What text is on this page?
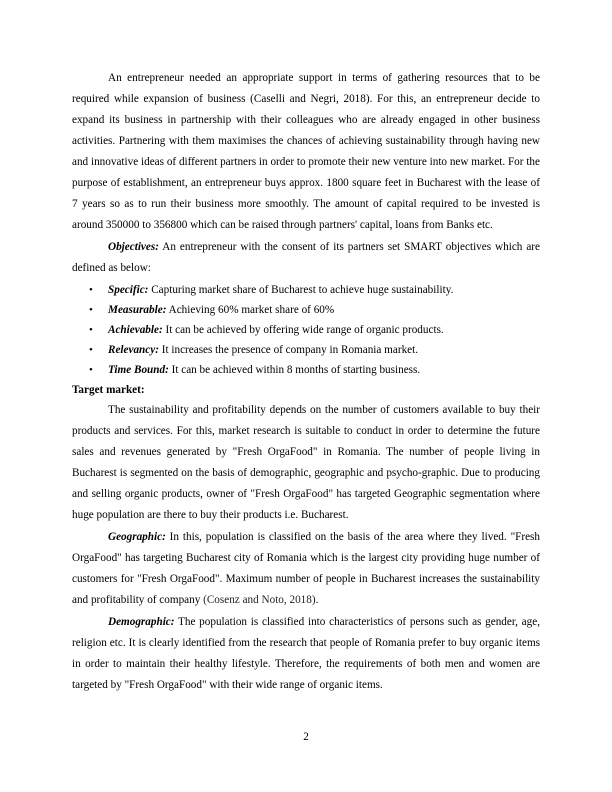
An entrepreneur needed an appropriate support in terms of gathering resources that to be required while expansion of business (Caselli and Negri, 2018). For this, an entrepreneur decide to expand its business in partnership with their colleagues who are already engaged in other business activities. Partnering with them maximises the chances of achieving sustainability through having new and innovative ideas of different partners in order to promote their new venture into new market. For the purpose of establishment, an entrepreneur buys approx. 1800 square feet in Bucharest with the lease of 7 years so as to run their business more smoothly. The amount of capital required to be invested is around 350000 to 356800 which can be raised through partners' capital, loans from Banks etc.

Objectives: An entrepreneur with the consent of its partners set SMART objectives which are defined as below:

• Specific: Capturing market share of Bucharest to achieve huge sustainability.
• Measurable: Achieving 60% market share of 60%
• Achievable: It can be achieved by offering wide range of organic products.
• Relevancy: It increases the presence of company in Romania market.
• Time Bound: It can be achieved within 8 months of starting business.
Target market:

The sustainability and profitability depends on the number of customers available to buy their products and services. For this, market research is suitable to conduct in order to determine the future sales and revenues generated by "Fresh OrgaFood" in Romania. The number of people living in Bucharest is segmented on the basis of demographic, geographic and psycho-graphic. Due to producing and selling organic products, owner of "Fresh OrgaFood" has targeted Geographic segmentation where huge population are there to buy their products i.e. Bucharest.

Geographic: In this, population is classified on the basis of the area where they lived. "Fresh OrgaFood" has targeting Bucharest city of Romania which is the largest city providing huge number of customers for "Fresh OrgaFood". Maximum number of people in Bucharest increases the sustainability and profitability of company (Cosenz and Noto, 2018).

Demographic: The population is classified into characteristics of persons such as gender, age, religion etc. It is clearly identified from the research that people of Romania prefer to buy organic items in order to maintain their healthy lifestyle. Therefore, the requirements of both men and women are targeted by "Fresh OrgaFood" with their wide range of organic items.

2
